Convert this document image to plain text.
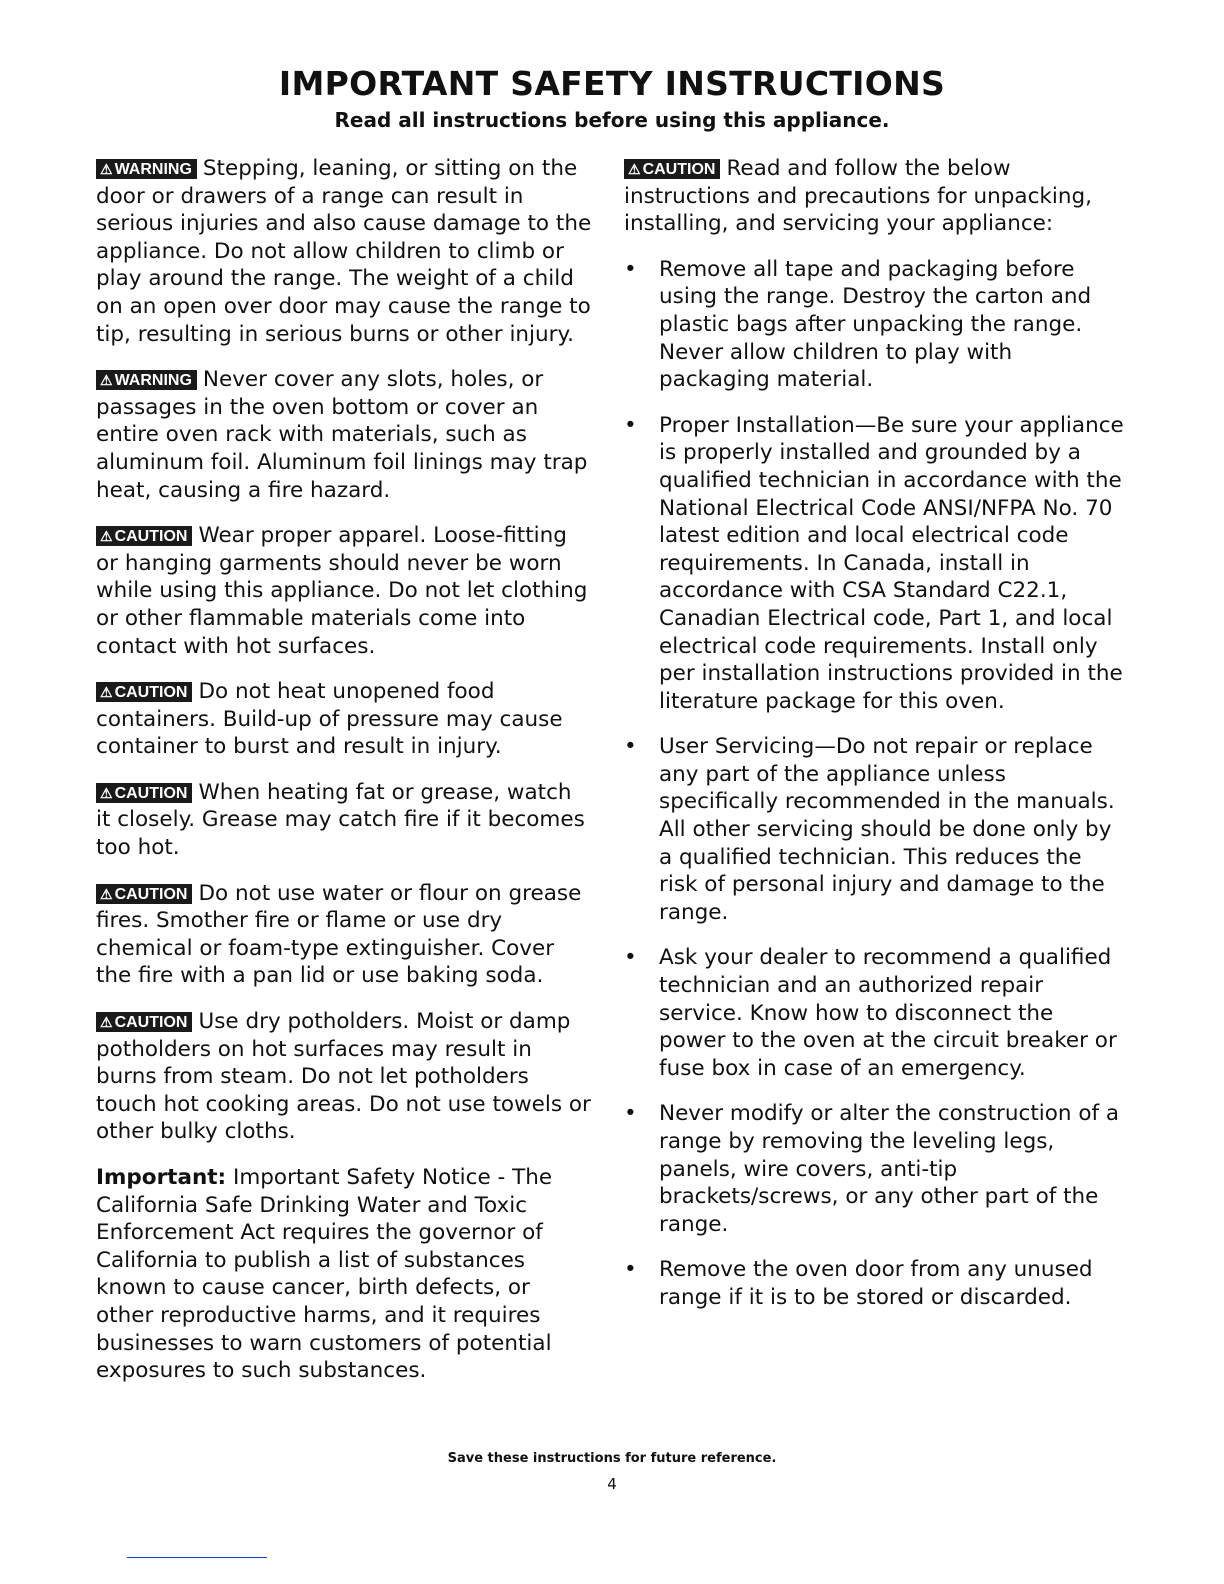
IMPORTANT SAFETY INSTRUCTIONS
Read all instructions before using this appliance.

⚠ WARNING Stepping, leaning, or sitting on the door or drawers of a range can result in serious injuries and also cause damage to the appliance. Do not allow children to climb or play around the range. The weight of a child on an open over door may cause the range to tip, resulting in serious burns or other injury.

⚠ WARNING Never cover any slots, holes, or passages in the oven bottom or cover an entire oven rack with materials, such as aluminum foil. Aluminum foil linings may trap heat, causing a fire hazard.

⚠ CAUTION Wear proper apparel. Loose-fitting or hanging garments should never be worn while using this appliance. Do not let clothing or other flammable materials come into contact with hot surfaces.

⚠ CAUTION Do not heat unopened food containers. Build-up of pressure may cause container to burst and result in injury.

⚠ CAUTION When heating fat or grease, watch it closely. Grease may catch fire if it becomes too hot.

⚠ CAUTION Do not use water or flour on grease fires. Smother fire or flame or use dry chemical or foam-type extinguisher. Cover the fire with a pan lid or use baking soda.

⚠ CAUTION Use dry potholders. Moist or damp potholders on hot surfaces may result in burns from steam. Do not let potholders touch hot cooking areas. Do not use towels or other bulky cloths.

Important: Important Safety Notice - The California Safe Drinking Water and Toxic Enforcement Act requires the governor of California to publish a list of substances known to cause cancer, birth defects, or other reproductive harms, and it requires businesses to warn customers of potential exposures to such substances.

⚠ CAUTION Read and follow the below instructions and precautions for unpacking, installing, and servicing your appliance:

• Remove all tape and packaging before using the range. Destroy the carton and plastic bags after unpacking the range. Never allow children to play with packaging material.
• Proper Installation—Be sure your appliance is properly installed and grounded by a qualified technician in accordance with the National Electrical Code ANSI/NFPA No. 70 latest edition and local electrical code requirements. In Canada, install in accordance with CSA Standard C22.1, Canadian Electrical code, Part 1, and local electrical code requirements. Install only per installation instructions provided in the literature package for this oven.
• User Servicing—Do not repair or replace any part of the appliance unless specifically recommended in the manuals. All other servicing should be done only by a qualified technician. This reduces the risk of personal injury and damage to the range.
• Ask your dealer to recommend a qualified technician and an authorized repair service. Know how to disconnect the power to the oven at the circuit breaker or fuse box in case of an emergency.
• Never modify or alter the construction of a range by removing the leveling legs, panels, wire covers, anti-tip brackets/screws, or any other part of the range.
• Remove the oven door from any unused range if it is to be stored or discarded.
Save these instructions for future reference.
4
